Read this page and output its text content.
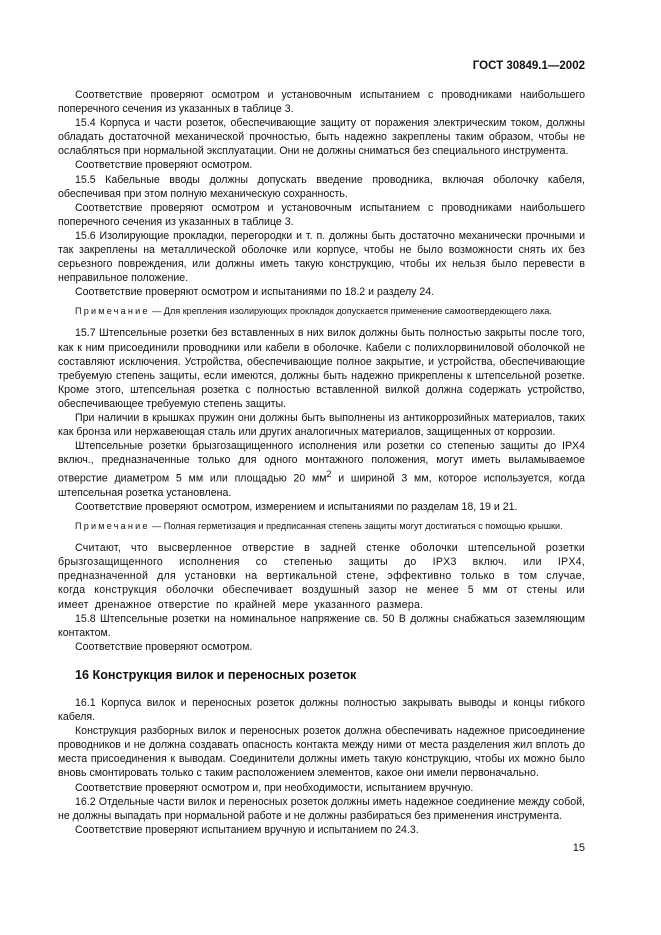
ГОСТ 30849.1—2002

Соответствие проверяют осмотром и установочным испытанием с проводниками наибольшего поперечного сечения из указанных в таблице 3.

15.4 Корпуса и части розеток, обеспечивающие защиту от поражения электрическим током, должны обладать достаточной механической прочностью, быть надежно закреплены таким образом, чтобы не ослабляться при нормальной эксплуатации. Они не должны сниматься без специального инструмента.

Соответствие проверяют осмотром.

15.5 Кабельные вводы должны допускать введение проводника, включая оболочку кабеля, обеспечивая при этом полную механическую сохранность.

Соответствие проверяют осмотром и установочным испытанием с проводниками наибольшего поперечного сечения из указанных в таблице 3.

15.6 Изолирующие прокладки, перегородки и т. п. должны быть достаточно механически прочными и так закреплены на металлической оболочке или корпусе, чтобы не было возможности снять их без серьезного повреждения, или должны иметь такую конструкцию, чтобы их нельзя было перевести в неправильное положение.

Соответствие проверяют осмотром и испытаниями по 18.2 и разделу 24.

Примечание — Для крепления изолирующих прокладок допускается применение самоотвердеющего лака.

15.7 Штепсельные розетки без вставленных в них вилок должны быть полностью закрыты после того, как к ним присоединили проводники или кабели в оболочке. Кабели с полихлорвиниловой оболочкой не составляют исключения. Устройства, обеспечивающие полное закрытие, и устройства, обеспечивающие требуемую степень защиты, если имеются, должны быть надежно прикреплены к штепсельной розетке. Кроме этого, штепсельная розетка с полностью вставленной вилкой должна содержать устройство, обеспечивающее требуемую степень защиты.

При наличии в крышках пружин они должны быть выполнены из антикоррозийных материалов, таких как бронза или нержавеющая сталь или других аналогичных материалов, защищенных от коррозии.

Штепсельные розетки брызгозащищенного исполнения или розетки со степенью защиты до IPX4 включ., предназначенные только для одного монтажного положения, могут иметь выламываемое отверстие диаметром 5 мм или площадью 20 $мм^2$ и шириной 3 мм, которое используется, когда штепсельная розетка установлена.

Соответствие проверяют осмотром, измерением и испытаниями по разделам 18, 19 и 21.

Примечание — Полная герметизация и предписанная степень защиты могут достигаться с помощью крышки.

Считают, что высверленное отверстие в задней стенке оболочки штепсельной розетки брызгозащищенного исполнения со степенью защиты до IPX3 включ. или IPX4, предназначенной для установки на вертикальной стене, эффективно только в том случае, когда конструкция оболочки обеспечивает воздушный зазор не менее 5 мм от стены или имеет дренажное отверстие по крайней мере указанного размера.

15.8 Штепсельные розетки на номинальное напряжение св. 50 В должны снабжаться заземляющим контактом.

Соответствие проверяют осмотром.

16 Конструкция вилок и переносных розеток

16.1 Корпуса вилок и переносных розеток должны полностью закрывать выводы и концы гибкого кабеля.

Конструкция разборных вилок и переносных розеток должна обеспечивать надежное присоединение проводников и не должна создавать опасность контакта между ними от места разделения жил вплоть до места присоединения к выводам. Соединители должны иметь такую конструкцию, чтобы их можно было вновь смонтировать только с таким расположением элементов, какое они имели первоначально.

Соответствие проверяют осмотром и, при необходимости, испытанием вручную.

16.2 Отдельные части вилок и переносных розеток должны иметь надежное соединение между собой, не должны выпадать при нормальной работе и не должны разбираться без применения инструмента.

Соответствие проверяют испытанием вручную и испытанием по 24.3.

15
